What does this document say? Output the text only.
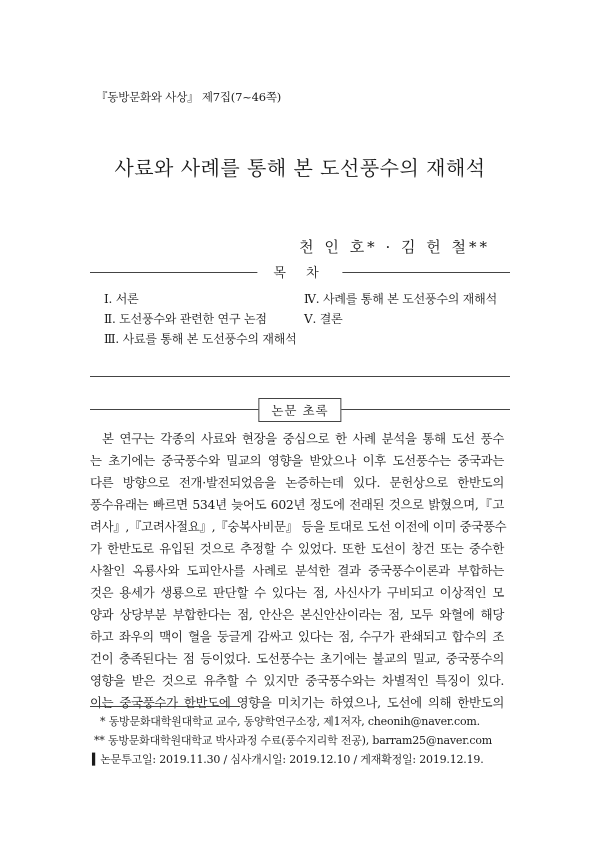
『동방문화와 사상』 제7집(7~46쪽)
사료와 사례를 통해 본 도선풍수의 재해석
천 인 호* · 김 헌 철**
목 차
Ⅰ. 서론
Ⅱ. 도선풍수와 관련한 연구 논점
Ⅲ. 사료를 통해 본 도선풍수의 재해석
Ⅳ. 사례를 통해 본 도선풍수의 재해석
Ⅴ. 결론
논문 초록
본 연구는 각종의 사료와 현장을 중심으로 한 사례 분석을 통해 도선 풍수
는 초기에는 중국풍수와 밀교의 영향을 받았으나 이후 도선풍수는 중국과는
다른 방향으로 전개·발전되었음을 논증하는데 있다. 문헌상으로 한반도의
풍수유래는 빠르면 534년 늦어도 602년 정도에 전래된 것으로 밝혔으며,『고
려사』,『고려사절요』,『숭복사비문』 등을 토대로 도선 이전에 이미 중국풍수
가 한반도로 유입된 것으로 추정할 수 있었다. 또한 도선이 창건 또는 중수한
사찰인 옥룡사와 도피안사를 사례로 분석한 결과 중국풍수이론과 부합하는
것은 용세가 생룡으로 판단할 수 있다는 점, 사신사가 구비되고 이상적인 모
양과 상당부분 부합한다는 점, 안산은 본신안산이라는 점, 모두 와혈에 해당
하고 좌우의 맥이 혈을 둥글게 감싸고 있다는 점, 수구가 관쇄되고 합수의 조
건이 충족된다는 점 등이었다. 도선풍수는 초기에는 불교의 밀교, 중국풍수의
영향을 받은 것으로 유추할 수 있지만 중국풍수와는 차별적인 특징이 있다.
이는 중국풍수가 한반도에 영향을 미치기는 하였으나, 도선에 의해 한반도의
* 동방문화대학원대학교 교수, 동양학연구소장, 제1저자, cheonih@naver.com.
** 동방문화대학원대학교 박사과정 수료(풍수지리학 전공), barram25@naver.com
▍논문투고일: 2019.11.30 / 심사개시일: 2019.12.10 / 게재확정일: 2019.12.19.
